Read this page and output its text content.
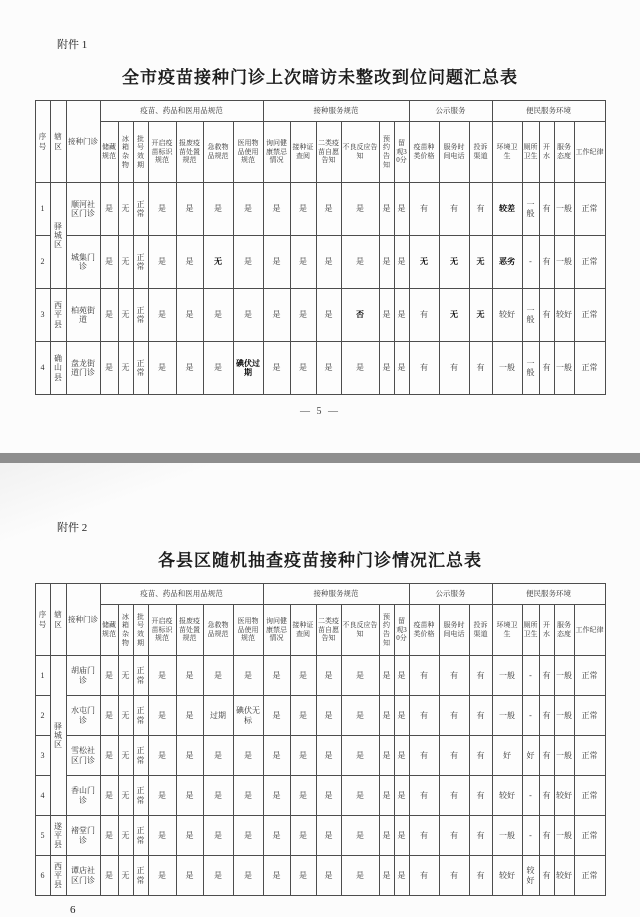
附件 1
全市疫苗接种门诊上次暗访未整改到位问题汇总表
序号	辖区	接种门诊	疫苗、药品和医用品规范							接种服务规范						公示服务			便民服务环境				
			储藏规范	冰箱杂物	批号效期	开启疫苗标识规范	报废疫苗处置规范	急救物品规范	医用物品使用规范	询问健康禁忌情况	接种证查阅	二类疫苗自愿告知	不良反应告知	预约告知	留观30分	疫苗种类价格	服务时间电话	投诉渠道	环境卫生	厕所卫生	开水	服务态度	工作纪律
1	驿城区	顺河社区门诊	是	无	正常	是	是	是	是	是	是	是	是	是	是	有	有	有	较差	一般	有	一般	正常
2		城集门诊	是	无	正常	是	是	无	是	是	是	是	是	是	是	无	无	无	恶劣	-	有	一般	正常
3	西平县	柏苑街道	是	无	正常	是	是	是	是	是	是	是	否	是	是	有	无	无	较好	一般	有	较好	正常
4	确山县	盘龙街道门诊	是	无	正常	是	是	是	碘伏过期	是	是	是	是	是	是	有	有	有	一般	一般	有	一般	正常
— 5 —
附件 2
各县区随机抽查疫苗接种门诊情况汇总表
序号	辖区	接种门诊	疫苗、药品和医用品规范							接种服务规范						公示服务			便民服务环境				
			储藏规范	冰箱杂物	批号效期	开启疫苗标识规范	报废疫苗处置规范	急救物品规范	医用物品使用规范	询问健康禁忌情况	接种证查阅	二类疫苗自愿告知	不良反应告知	预约告知	留观30分	疫苗种类价格	服务时间电话	投诉渠道	环境卫生	厕所卫生	开水	服务态度	工作纪律
1	驿城区	胡庙门诊	是	无	正常	是	是	是	是	是	是	是	是	是	是	有	有	有	一般	-	有	一般	正常
2		水屯门诊	是	无	正常	是	是	过期	碘伏无标	是	是	是	是	是	是	有	有	有	一般	-	有	一般	正常
3		雪松社区门诊	是	无	正常	是	是	是	是	是	是	是	是	是	是	有	有	有	好	好	有	一般	正常
4		香山门诊	是	无	正常	是	是	是	是	是	是	是	是	是	是	有	有	有	较好	-	有	较好	正常
5	遂平县	褚堂门诊	是	无	正常	是	是	是	是	是	是	是	是	是	是	有	有	有	一般	-	有	一般	正常
6	西平县	谭店社区门诊	是	无	正常	是	是	是	是	是	是	是	是	是	是	有	有	有	较好	较好	有	较好	正常
6
